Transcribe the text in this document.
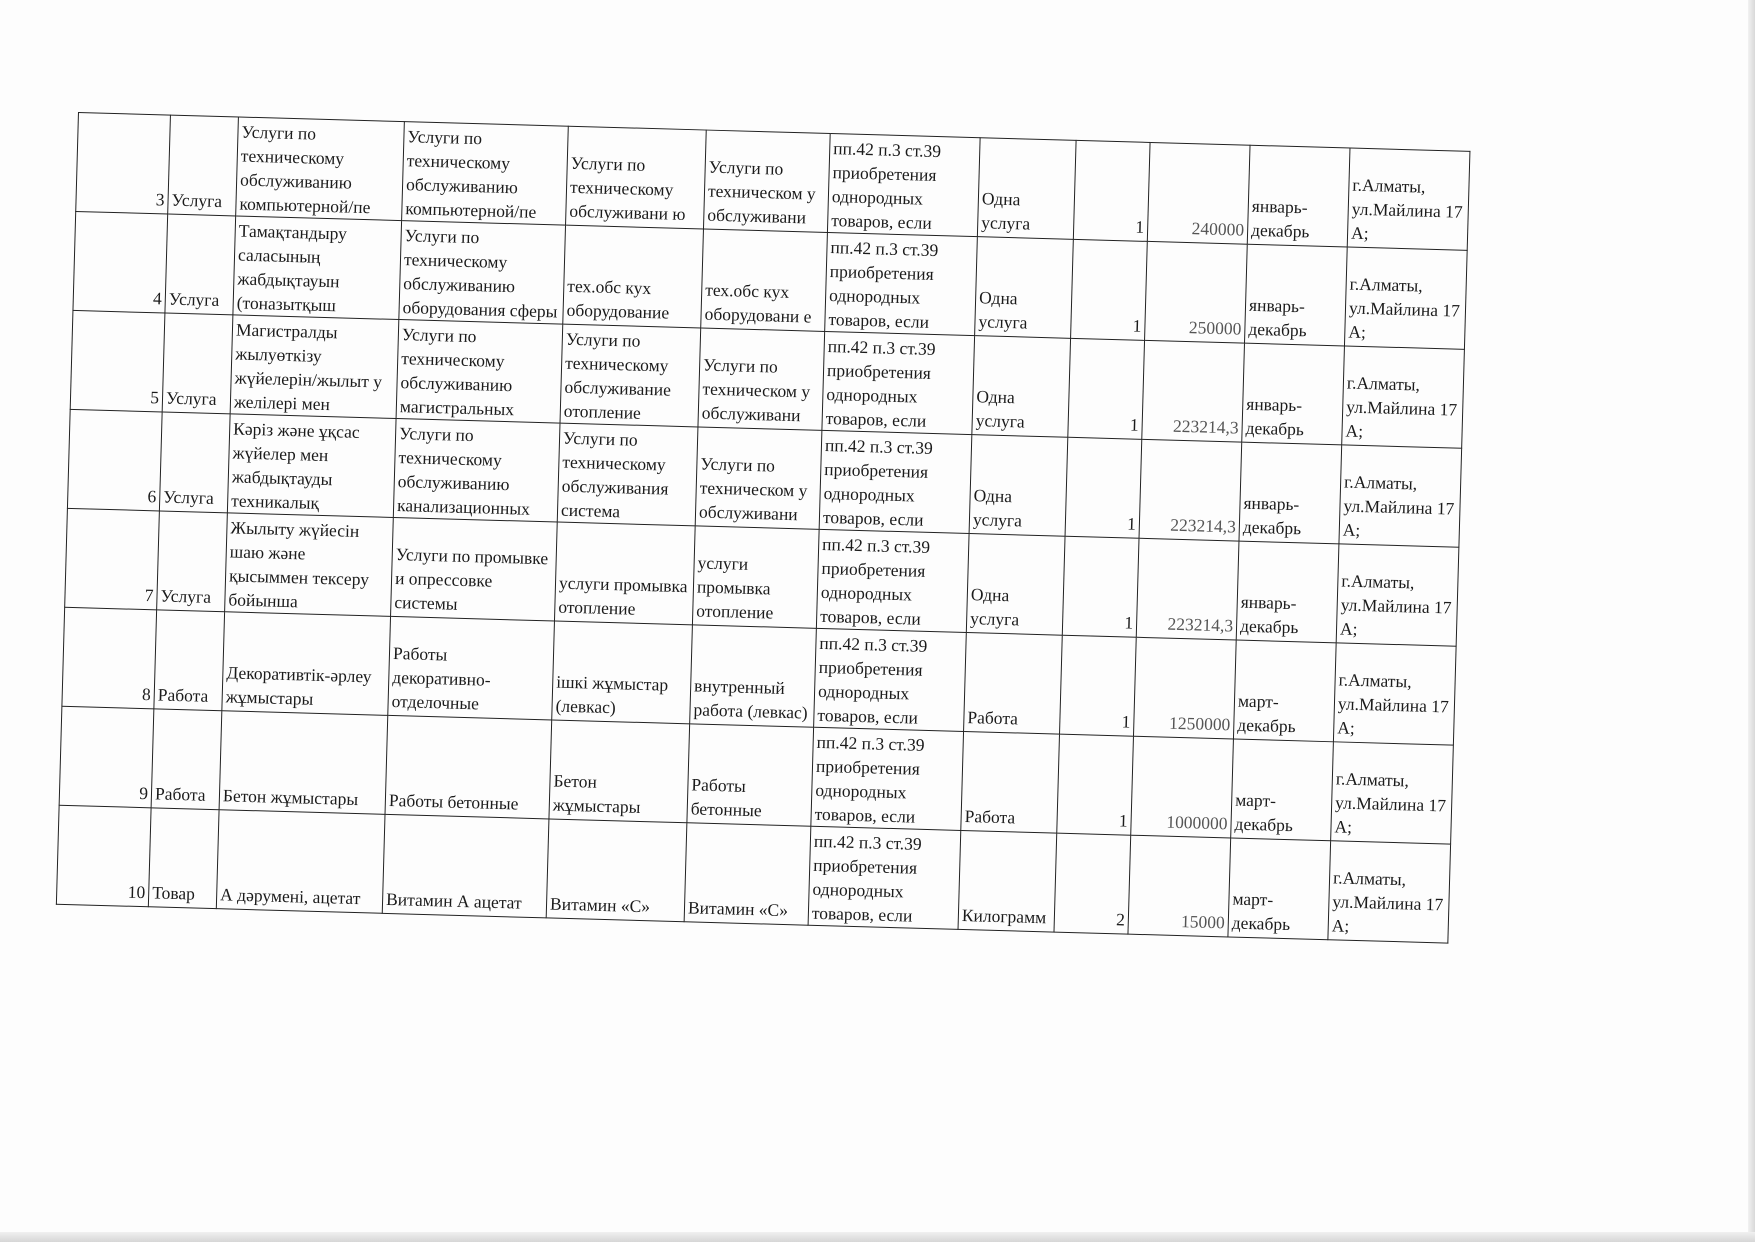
3	Услуга	Услуги по техническому обслуживанию компьютерной/пе	Услуги по техническому обслуживанию компьютерной/пе	Услуги по техническому обслуживани ю	Услуги по техническом у обслуживани	пп.42 п.3 ст.39 приобретения однородных товаров, если	Одна услуга	1	240000	январь-декабрь	г.Алматы, ул.Майлина 17 А;

4	Услуга	Тамақтандыру саласының жабдықтауын (тоназытқыш	Услуги по техническому обслуживанию оборудования сферы	тех.обс кух оборудование	тех.обс кух оборудовани е	пп.42 п.3 ст.39 приобретения однородных товаров, если	Одна услуга	1	250000	январь-декабрь	г.Алматы, ул.Майлина 17 А;

5	Услуга	Магистралды жылуөткізу жүйелерін/жылыт у желілері мен	Услуги по техническому обслуживанию магистральных	Услуги по техническому обслуживание отопление	Услуги по техническом у обслуживани	пп.42 п.3 ст.39 приобретения однородных товаров, если	Одна услуга	1	223214,3	январь-декабрь	г.Алматы, ул.Майлина 17 А;

6	Услуга	Кәріз және ұқсас жүйелер мен жабдықтауды техникалық	Услуги по техническому обслуживанию канализационных	Услуги по техническому обслуживания система	Услуги по техническом у обслуживани	пп.42 п.3 ст.39 приобретения однородных товаров, если	Одна услуга	1	223214,3	январь-декабрь	г.Алматы, ул.Майлина 17 А;

7	Услуга	Жылыту жүйесін шаю және қысыммен тексеру бойынша	Услуги по промывке и опрессовке системы	услуги промывка отопление	услуги промывка отопление	пп.42 п.3 ст.39 приобретения однородных товаров, если	Одна услуга	1	223214,3	январь-декабрь	г.Алматы, ул.Майлина 17 А;

8	Работа	Декоративтік-әрлеу жұмыстары	Работы декоративно-отделочные	ішкі жұмыстар (левкас)	внутренный работа (левкас)	пп.42 п.3 ст.39 приобретения однородных товаров, если	Работа	1	1250000	март-декабрь	г.Алматы, ул.Майлина 17 А;

9	Работа	Бетон жұмыстары	Работы бетонные	Бетон жұмыстары	Работы бетонные	пп.42 п.3 ст.39 приобретения однородных товаров, если	Работа	1	1000000	март-декабрь	г.Алматы, ул.Майлина 17 А;

10	Товар	А дәрумені, ацетат	Витамин А ацетат	Витамин «С»	Витамин «С»	пп.42 п.3 ст.39 приобретения однородных товаров, если	Килограмм	2	15000	март-декабрь	г.Алматы, ул.Майлина 17 А;
